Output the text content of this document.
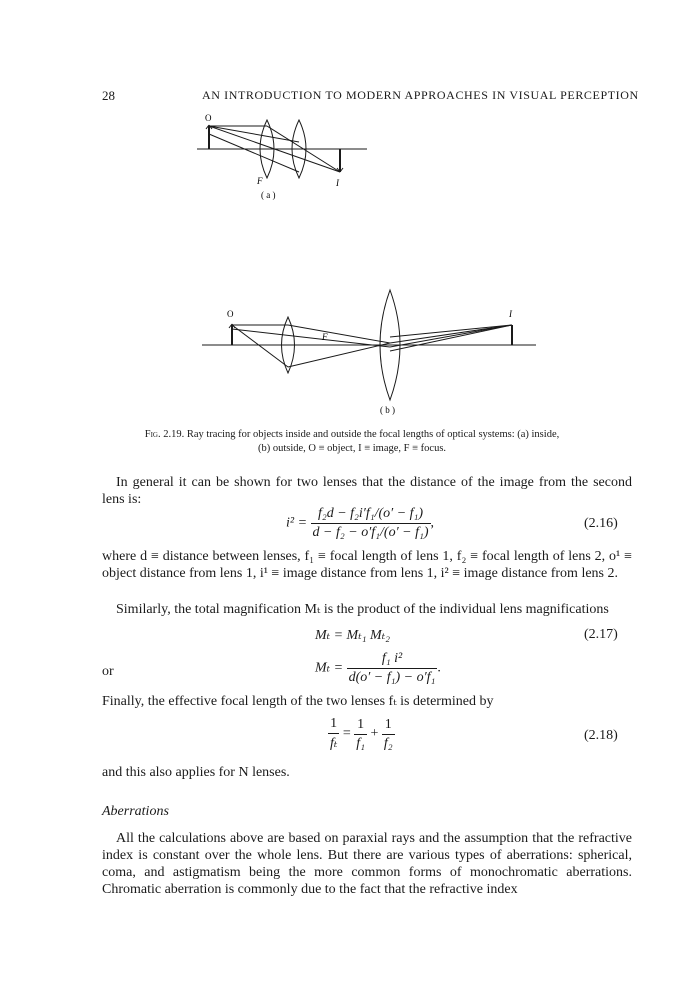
28	AN INTRODUCTION TO MODERN APPROACHES IN VISUAL PERCEPTION
O
F	I
( a )
O
F
I
( b )
Fig. 2.19. Ray tracing for objects inside and outside the focal lengths of optical systems: (a) inside,
(b) outside, O ≡ object, I ≡ image, F ≡ focus.
In general it can be shown for two lenses that the distance of the image from the second lens is:
$i^2 = \frac{\text{f₂d − f₂i′f₁/(o′ − f₁)}}{\text{d − f₂ − o′f₁/(o′ − f₁)}}$ ,	(2.16)
where d ≡ distance between lenses, f₁ ≡ focal length of lens 1, f₂ ≡ focal length of lens 2, o¹ ≡ object distance from lens 1, i¹ ≡ image distance from lens 1, i² ≡ image distance from lens 2.
Similarly, the total magnification Mₜ is the product of the individual lens magnifications
Mₜ = Mₜ₁ Mₜ₂	(2.17)
or	$M_t = \frac{\text{f₁ i²}}{\text{d(o′ − f₁) − o′f₁}}$ .
Finally, the effective focal length of the two lenses fₜ is determined by
$\frac{1}{\text{fₜ}} = \frac{1}{\text{f₁}} + \frac{1}{\text{f₂}}$	(2.18)
and this also applies for N lenses.
Aberrations
All the calculations above are based on paraxial rays and the assumption that the refractive index is constant over the whole lens. But there are various types of aberrations: spherical, coma, and astigmatism being the more common forms of monochromatic aberrations. Chromatic aberration is commonly due to the fact that the refractive index
